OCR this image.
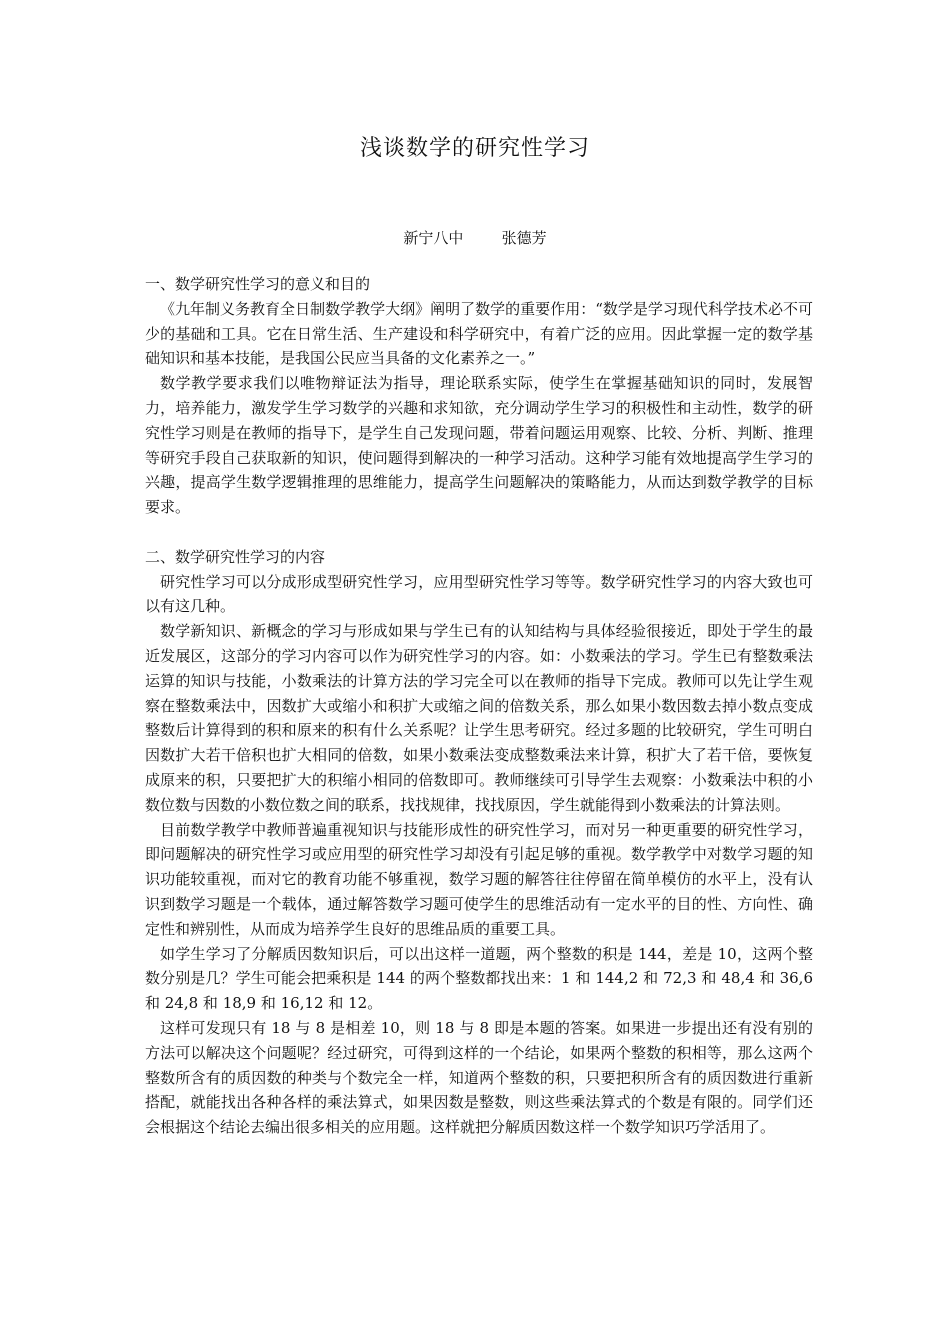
浅谈数学的研究性学习
新宁八中        张德芳

一、数学研究性学习的意义和目的

《九年制义务教育全日制数学教学大纲》阐明了数学的重要作用：“数学是学习现代科学技术必不可少的基础和工具。它在日常生活、生产建设和科学研究中，有着广泛的应用。因此掌握一定的数学基础知识和基本技能，是我国公民应当具备的文化素养之一。”

数学教学要求我们以唯物辩证法为指导，理论联系实际，使学生在掌握基础知识的同时，发展智力，培养能力，激发学生学习数学的兴趣和求知欲，充分调动学生学习的积极性和主动性，数学的研究性学习则是在教师的指导下，是学生自己发现问题，带着问题运用观察、比较、分析、判断、推理等研究手段自己获取新的知识，使问题得到解决的一种学习活动。这种学习能有效地提高学生学习的兴趣，提高学生数学逻辑推理的思维能力，提高学生问题解决的策略能力，从而达到数学教学的目标要求。

二、数学研究性学习的内容

研究性学习可以分成形成型研究性学习，应用型研究性学习等等。数学研究性学习的内容大致也可以有这几种。

数学新知识、新概念的学习与形成如果与学生已有的认知结构与具体经验很接近，即处于学生的最近发展区，这部分的学习内容可以作为研究性学习的内容。如：小数乘法的学习。学生已有整数乘法运算的知识与技能，小数乘法的计算方法的学习完全可以在教师的指导下完成。教师可以先让学生观察在整数乘法中，因数扩大或缩小和积扩大或缩之间的倍数关系，那么如果小数因数去掉小数点变成整数后计算得到的积和原来的积有什么关系呢？让学生思考研究。经过多题的比较研究，学生可明白因数扩大若干倍积也扩大相同的倍数，如果小数乘法变成整数乘法来计算，积扩大了若干倍，要恢复成原来的积，只要把扩大的积缩小相同的倍数即可。教师继续可引导学生去观察：小数乘法中积的小数位数与因数的小数位数之间的联系，找找规律，找找原因，学生就能得到小数乘法的计算法则。

目前数学教学中教师普遍重视知识与技能形成性的研究性学习，而对另一种更重要的研究性学习，即问题解决的研究性学习或应用型的研究性学习却没有引起足够的重视。数学教学中对数学习题的知识功能较重视，而对它的教育功能不够重视，数学习题的解答往往停留在简单模仿的水平上，没有认识到数学习题是一个载体，通过解答数学习题可使学生的思维活动有一定水平的目的性、方向性、确定性和辨别性，从而成为培养学生良好的思维品质的重要工具。

如学生学习了分解质因数知识后，可以出这样一道题，两个整数的积是 144，差是 10，这两个整数分别是几？学生可能会把乘积是 144 的两个整数都找出来：1 和 144,2 和 72,3 和 48,4 和 36,6 和 24,8 和 18,9 和 16,12 和 12。

这样可发现只有 18 与 8 是相差 10，则 18 与 8 即是本题的答案。如果进一步提出还有没有别的方法可以解决这个问题呢？经过研究，可得到这样的一个结论，如果两个整数的积相等，那么这两个整数所含有的质因数的种类与个数完全一样，知道两个整数的积，只要把积所含有的质因数进行重新搭配，就能找出各种各样的乘法算式，如果因数是整数，则这些乘法算式的个数是有限的。同学们还会根据这个结论去编出很多相关的应用题。这样就把分解质因数这样一个数学知识巧学活用了。
